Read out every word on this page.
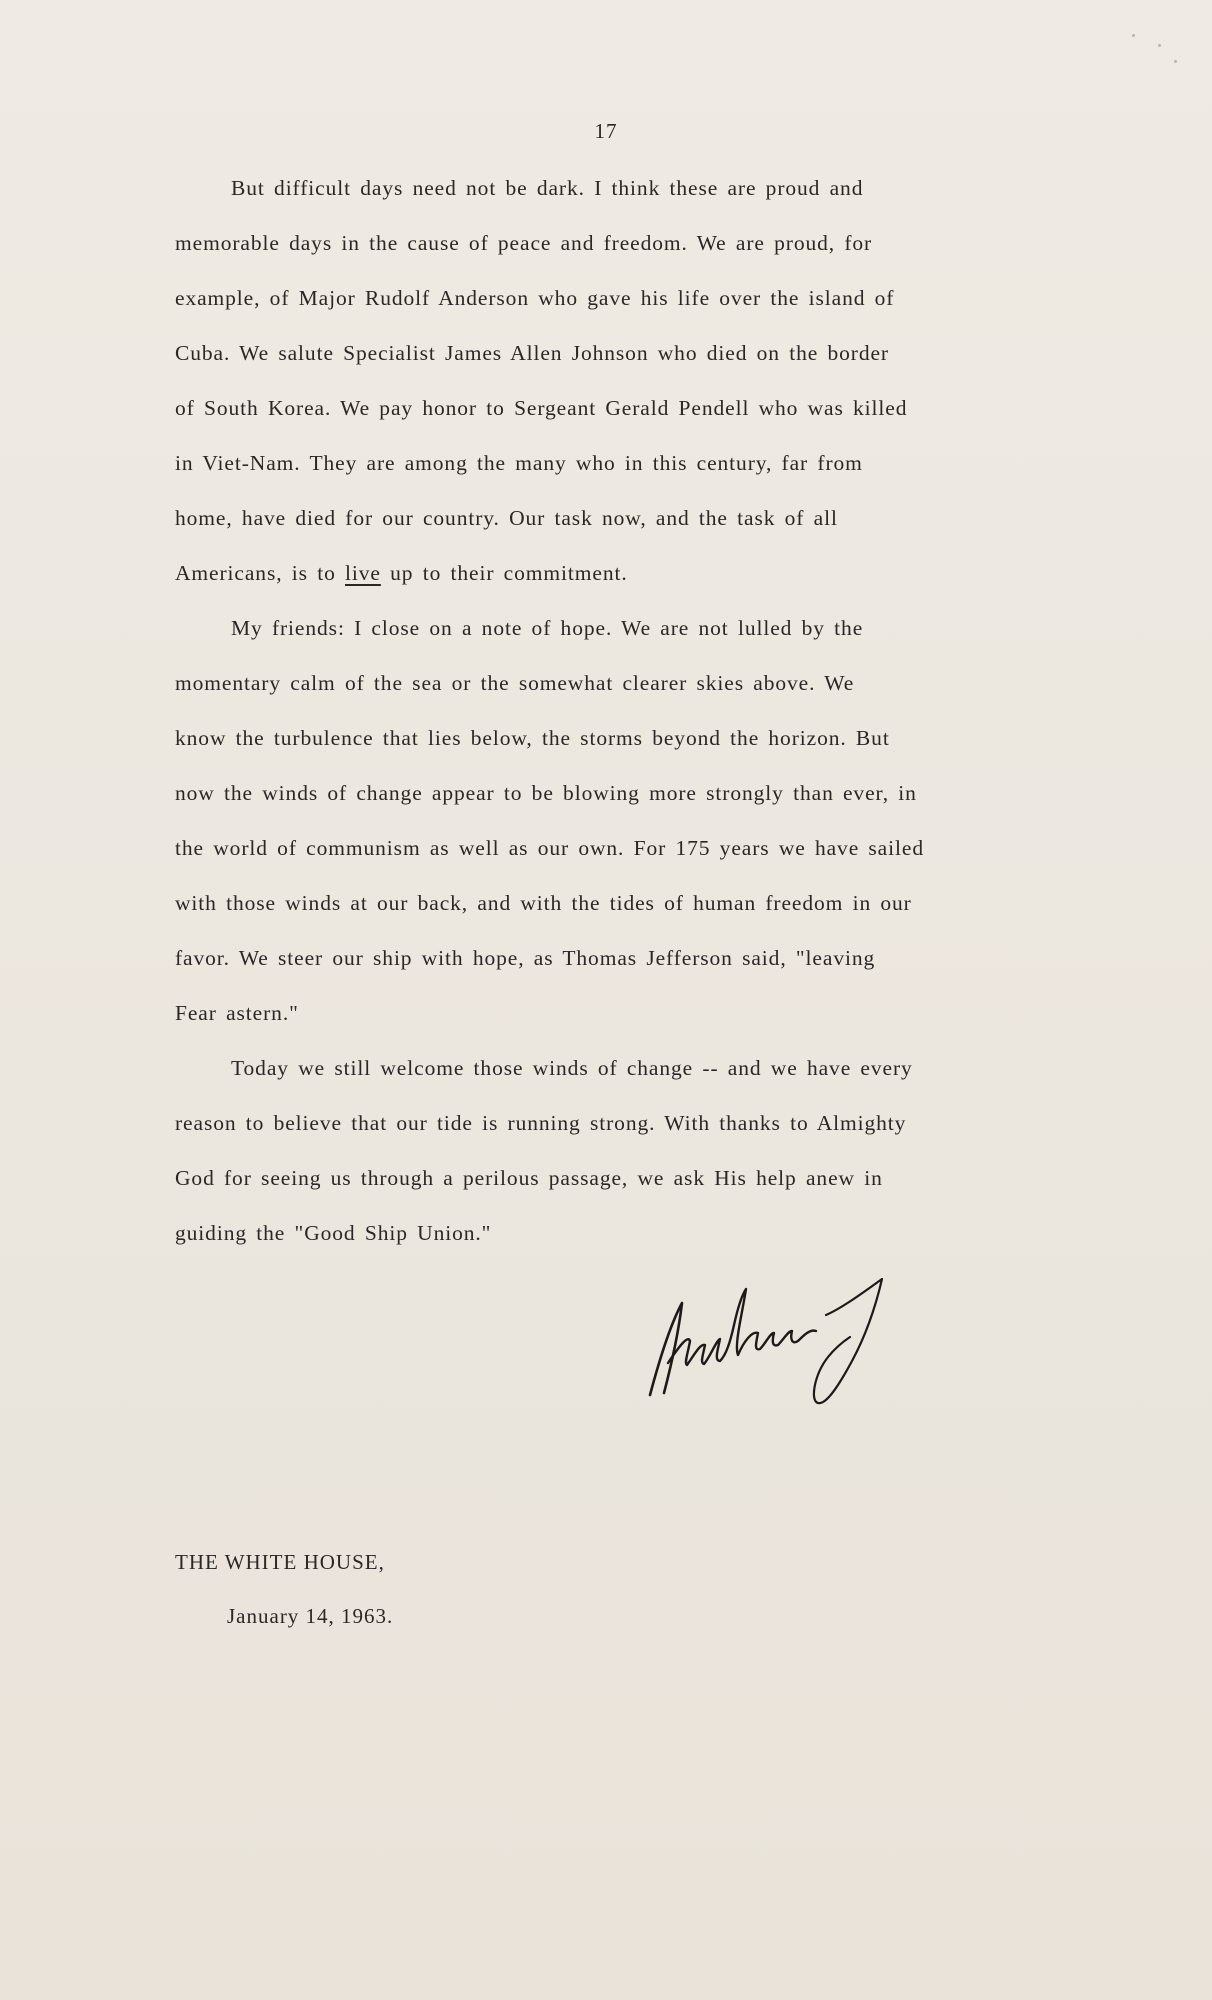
17
But difficult days need not be dark. I think these are proud and
memorable days in the cause of peace and freedom. We are proud, for
example, of Major Rudolf Anderson who gave his life over the island of
Cuba. We salute Specialist James Allen Johnson who died on the border
of South Korea. We pay honor to Sergeant Gerald Pendell who was killed
in Viet-Nam. They are among the many who in this century, far from
home, have died for our country. Our task now, and the task of all
Americans, is to live up to their commitment.
My friends: I close on a note of hope. We are not lulled by the
momentary calm of the sea or the somewhat clearer skies above. We
know the turbulence that lies below, the storms beyond the horizon. But
now the winds of change appear to be blowing more strongly than ever, in
the world of communism as well as our own. For 175 years we have sailed
with those winds at our back, and with the tides of human freedom in our
favor. We steer our ship with hope, as Thomas Jefferson said, "leaving
Fear astern."
Today we still welcome those winds of change -- and we have every
reason to believe that our tide is running strong. With thanks to Almighty
God for seeing us through a perilous passage, we ask His help anew in
guiding the "Good Ship Union."
THE WHITE HOUSE,
January 14, 1963.
